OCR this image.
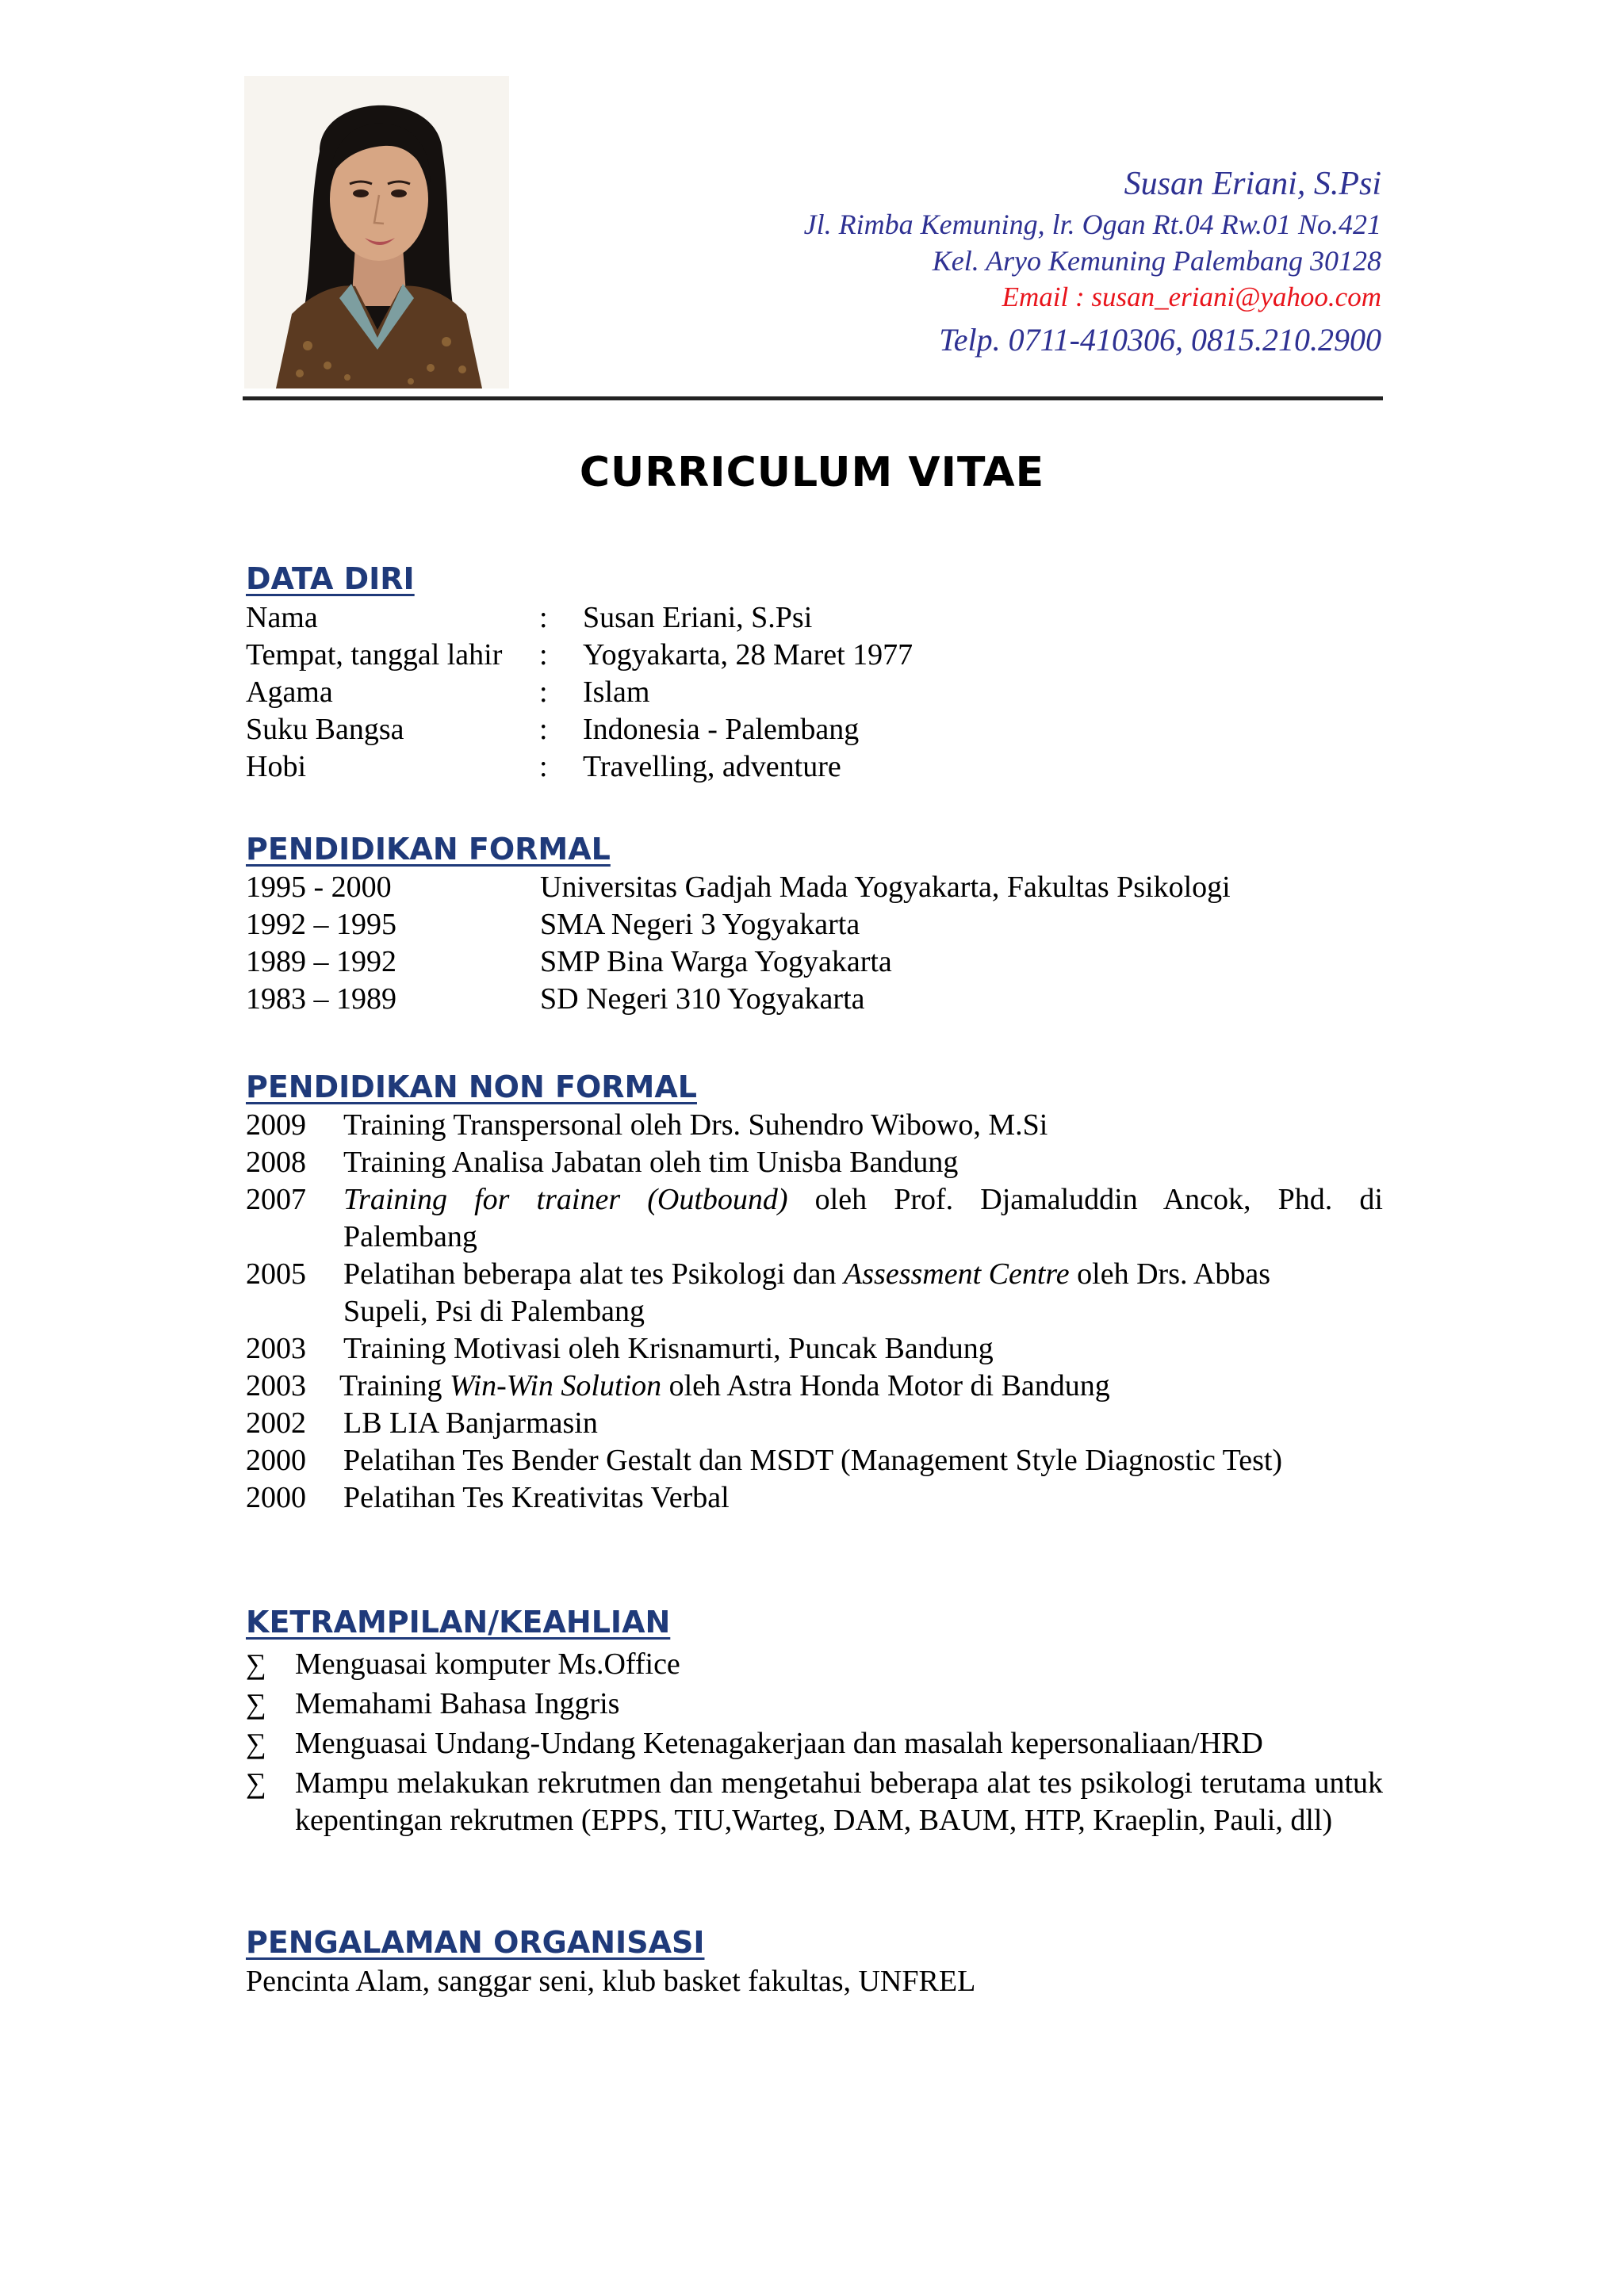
Susan Eriani, S.Psi
Jl. Rimba Kemuning, lr. Ogan Rt.04 Rw.01 No.421
Kel. Aryo Kemuning Palembang 30128
Email : susan_eriani@yahoo.com
Telp. 0711-410306, 0815.210.2900
CURRICULUM VITAE
DATA DIRI
Nama	:	Susan Eriani, S.Psi
Tempat, tanggal lahir	:	Yogyakarta, 28 Maret 1977
Agama	:	Islam
Suku Bangsa	:	Indonesia - Palembang
Hobi	:	Travelling, adventure
PENDIDIKAN FORMAL
1995 - 2000	Universitas Gadjah Mada Yogyakarta, Fakultas Psikologi
1992 – 1995	SMA Negeri 3 Yogyakarta
1989 – 1992	SMP Bina Warga Yogyakarta
1983 – 1989	SD Negeri 310 Yogyakarta
PENDIDIKAN NON FORMAL
2009	Training Transpersonal oleh Drs. Suhendro Wibowo, M.Si
2008	Training Analisa Jabatan oleh tim Unisba Bandung
2007	Training for trainer (Outbound) oleh Prof. Djamaluddin Ancok, Phd. di
Palembang
2005	Pelatihan beberapa alat tes Psikologi dan Assessment Centre oleh Drs. Abbas
Supeli, Psi di Palembang
2003	Training Motivasi oleh Krisnamurti, Puncak Bandung
2003	Training Win-Win Solution oleh Astra Honda Motor di Bandung
2002	LB LIA Banjarmasin
2000	Pelatihan Tes Bender Gestalt dan MSDT (Management Style Diagnostic Test)
2000	Pelatihan Tes Kreativitas Verbal
KETRAMPILAN/KEAHLIAN
∑ Menguasai komputer Ms.Office
∑ Memahami Bahasa Inggris
∑ Menguasai Undang-Undang Ketenagakerjaan dan masalah kepersonaliaan/HRD
∑ Mampu melakukan rekrutmen dan mengetahui beberapa alat tes psikologi terutama untuk kepentingan rekrutmen (EPPS, TIU,Warteg, DAM, BAUM, HTP, Kraeplin, Pauli, dll)
PENGALAMAN ORGANISASI
Pencinta Alam, sanggar seni, klub basket fakultas, UNFREL
